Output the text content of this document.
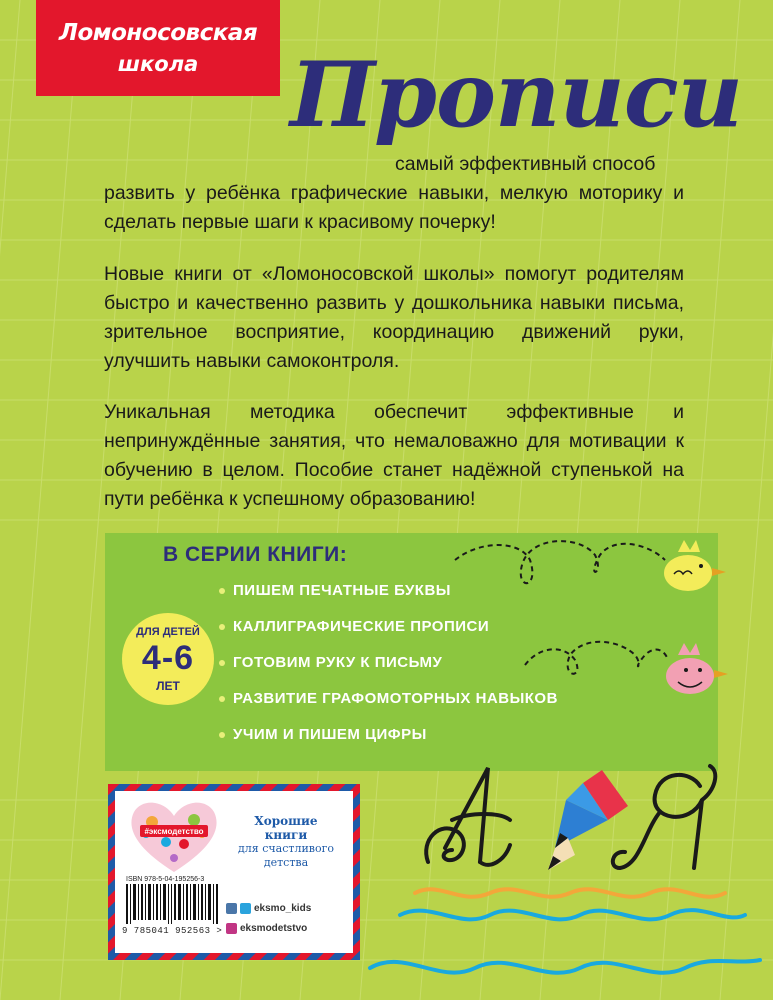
Ломоносовская
школа	Прописи
самый эффективный способ
развить у ребёнка графические навыки, мелкую моторику и сделать первые шаги к красивому почерку!
Новые книги от «Ломоносовской школы» помогут родителям быстро и качественно развить у дошкольника навыки письма, зрительное восприятие, координацию движений руки, улучшить навыки самоконтроля.
Уникальная методика обеспечит эффективные и непринуждённые занятия, что немаловажно для мотивации к обучению в целом. Пособие станет надёжной ступенькой на пути ребёнка к успешному образованию!
В СЕРИИ КНИГИ:
ПИШЕМ ПЕЧАТНЫЕ БУКВЫ
КАЛЛИГРАФИЧЕСКИЕ ПРОПИСИ
ГОТОВИМ РУКУ К ПИСЬМУ
РАЗВИТИЕ ГРАФОМОТОРНЫХ НАВЫКОВ
УЧИМ И ПИШЕМ ЦИФРЫ
ДЛЯ ДЕТЕЙ
4-6
ЛЕТ
#эксмодетство
Хорошие
книги
для счастливого
детства
ISBN 978-5-04-195256-3
9 785041 952563 >
eksmo_kids
eksmodetstvo
